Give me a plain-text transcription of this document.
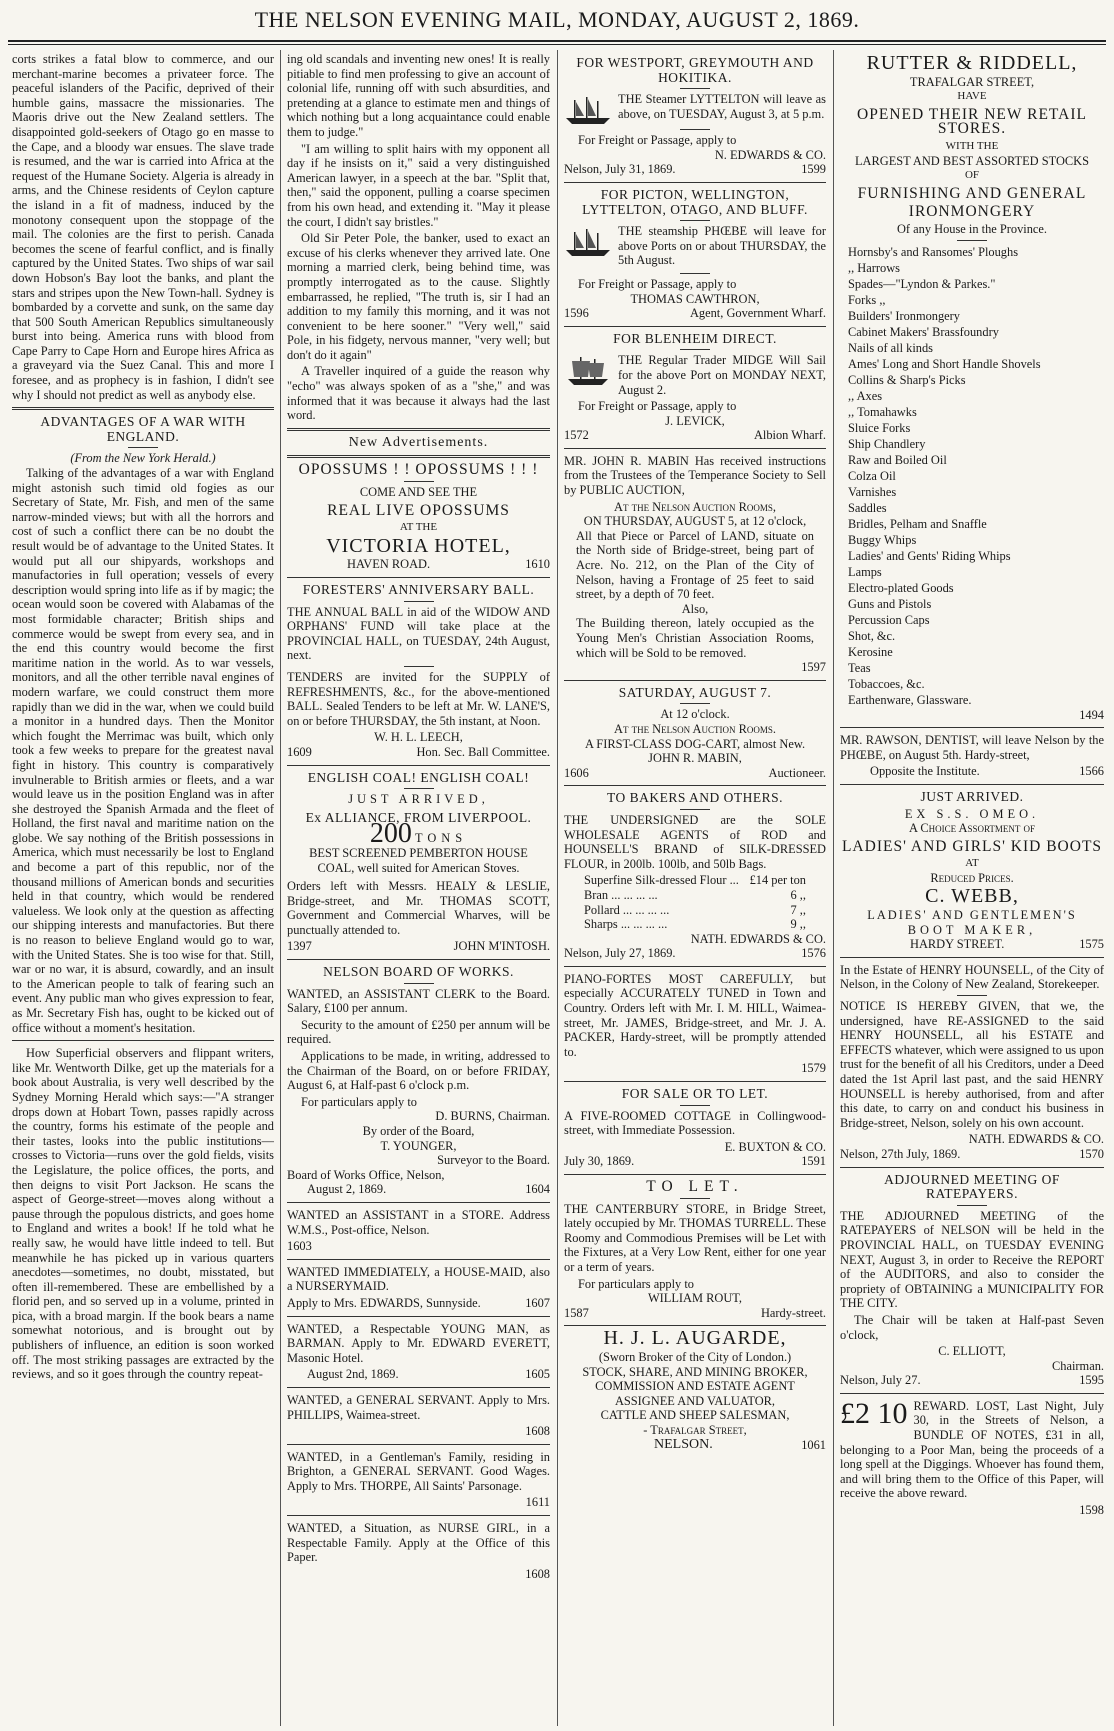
THE NELSON EVENING MAIL, MONDAY, AUGUST 2, 1869.

corts strikes a fatal blow to commerce, and our merchant-marine becomes a privateer force. The peaceful islanders of the Pacific, deprived of their humble gains, massacre the missionaries. The Maoris drive out the New Zealand settlers. The disappointed gold-seekers of Otago go en masse to the Cape, and a bloody war ensues. The slave trade is resumed, and the war is carried into Africa at the request of the Humane Society. Algeria is already in arms, and the Chinese residents of Ceylon capture the island in a fit of madness, induced by the monotony consequent upon the stoppage of the mail. The colonies are the first to perish. Canada becomes the scene of fearful conflict, and is finally captured by the United States. Two ships of war sail down Hobson's Bay loot the banks, and plant the stars and stripes upon the New Town-hall. Sydney is bombarded by a corvette and sunk, on the same day that 500 South American Republics simultaneously burst into being. America runs with blood from Cape Parry to Cape Horn and Europe hires Africa as a graveyard via the Suez Canal. This and more I foresee, and as prophecy is in fashion, I didn't see why I should not predict as well as anybody else.

ADVANTAGES OF A WAR WITH ENGLAND.
(From the New York Herald.)

Talking of the advantages of a war with England might astonish such timid old fogies as our Secretary of State, Mr. Fish, and men of the same narrow-minded views; but with all the horrors and cost of such a conflict there can be no doubt the result would be of advantage to the United States. It would put all our shipyards, workshops and manufactories in full operation; vessels of every description would spring into life as if by magic; the ocean would soon be covered with Alabamas of the most formidable character; British ships and commerce would be swept from every sea, and in the end this country would become the first maritime nation in the world. As to war vessels, monitors, and all the other terrible naval engines of modern warfare, we could construct them more rapidly than we did in the war, when we could build a monitor in a hundred days. Then the Monitor which fought the Merrimac was built, which only took a few weeks to prepare for the greatest naval fight in history. This country is comparatively invulnerable to British armies or fleets, and a war would leave us in the position England was in after she destroyed the Spanish Armada and the fleet of Holland, the first naval and maritime nation on the globe. We say nothing of the British possessions in America, which must necessarily be lost to England and become a part of this republic, nor of the thousand millions of American bonds and securities held in that country, which would be rendered valueless. We look only at the question as affecting our shipping interests and manufactories. But there is no reason to believe England would go to war, with the United States. She is too wise for that. Still, war or no war, it is absurd, cowardly, and an insult to the American people to talk of fearing such an event. Any public man who gives expression to fear, as Mr. Secretary Fish has, ought to be kicked out of office without a moment's hesitation.

How Superficial observers and flippant writers, like Mr. Wentworth Dilke, get up the materials for a book about Australia, is very well described by the Sydney Morning Herald which says:—"A stranger drops down at Hobart Town, passes rapidly across the country, forms his estimate of the people and their tastes, looks into the public institutions—crosses to Victoria—runs over the gold fields, visits the Legislature, the police offices, the ports, and then deigns to visit Port Jackson. He scans the aspect of George-street—moves along without a pause through the populous districts, and goes home to England and writes a book! If he told what he really saw, he would have little indeed to tell. But meanwhile he has picked up in various quarters anecdotes—sometimes, no doubt, misstated, but often ill-remembered. These are embellished by a florid pen, and so served up in a volume, printed in pica, with a broad margin. If the book bears a name somewhat notorious, and is brought out by publishers of influence, an edition is soon worked off. The most striking passages are extracted by the reviews, and so it goes through the country repeat-

ing old scandals and inventing new ones! It is really pitiable to find men professing to give an account of colonial life, running off with such absurdities, and pretending at a glance to estimate men and things of which nothing but a long acquaintance could enable them to judge."

"I am willing to split hairs with my opponent all day if he insists on it," said a very distinguished American lawyer, in a speech at the bar. "Split that, then," said the opponent, pulling a coarse specimen from his own head, and extending it. "May it please the court, I didn't say bristles."

Old Sir Peter Pole, the banker, used to exact an excuse of his clerks whenever they arrived late. One morning a married clerk, being behind time, was promptly interrogated as to the cause. Slightly embarrassed, he replied, "The truth is, sir I had an addition to my family this morning, and it was not convenient to be here sooner." "Very well," said Pole, in his fidgety, nervous manner, "very well; but don't do it again"

A Traveller inquired of a guide the reason why "echo" was always spoken of as a "she," and was informed that it was because it always had the last word.

New Advertisements.
OPOSSUMS ! ! OPOSSUMS ! ! !
COME AND SEE THE
REAL LIVE OPOSSUMS
AT THE
VICTORIA HOTEL,
HAVEN ROAD.	1610
FORESTERS' ANNIVERSARY BALL.

THE ANNUAL BALL in aid of the WIDOW AND ORPHANS' FUND will take place at the PROVINCIAL HALL, on TUESDAY, 24th August, next.

TENDERS are invited for the SUPPLY of REFRESHMENTS, &c., for the above-mentioned BALL. Sealed Tenders to be left at Mr. W. LANE'S, on or before THURSDAY, the 5th instant, at Noon.

W. H. L. LEECH,
1609	Hon. Sec. Ball Committee.
ENGLISH COAL! ENGLISH COAL!
JUST ARRIVED,
Ex ALLIANCE, FROM LIVERPOOL.
200 TONS
BEST SCREENED PEMBERTON HOUSE
COAL, well suited for American Stoves.

Orders left with Messrs. HEALY & LESLIE, Bridge-street, and Mr. THOMAS SCOTT, Government and Commercial Wharves, will be punctually attended to.

1397	JOHN M'INTOSH.
NELSON BOARD OF WORKS.

WANTED, an ASSISTANT CLERK to the Board. Salary, £100 per annum.

Security to the amount of £250 per annum will be required.

Applications to be made, in writing, addressed to the Chairman of the Board, on or before FRIDAY, August 6, at Half-past 6 o'clock p.m.

For particulars apply to
D. BURNS, Chairman.
By order of the Board,
T. YOUNGER,
Surveyor to the Board.
Board of Works Office, Nelson,
August 2, 1869.	1604

WANTED an ASSISTANT in a STORE. Address W.M.S., Post-office, Nelson.

1603

WANTED IMMEDIATELY, a HOUSE-MAID, also a NURSERYMAID.

Apply to Mrs. EDWARDS, Sunnyside.	1607

WANTED, a Respectable YOUNG MAN, as BARMAN. Apply to Mr. EDWARD EVERETT, Masonic Hotel.

August 2nd, 1869.	1605

WANTED, a GENERAL SERVANT. Apply to Mrs. PHILLIPS, Waimea-street.

1608

WANTED, in a Gentleman's Family, residing in Brighton, a GENERAL SERVANT. Good Wages. Apply to Mrs. THORPE, All Saints' Parsonage.

1611

WANTED, a Situation, as NURSE GIRL, in a Respectable Family. Apply at the Office of this Paper.

1608
FOR WESTPORT, GREYMOUTH AND HOKITIKA.

THE Steamer LYTTELTON will leave as above, on TUESDAY, August 3, at 5 p.m.

For Freight or Passage, apply to
N. EDWARDS & CO.
Nelson, July 31, 1869.	1599
FOR PICTON, WELLINGTON, LYTTELTON, OTAGO, AND BLUFF.

THE steamship PHŒBE will leave for above Ports on or about THURSDAY, the 5th August.

For Freight or Passage, apply to
THOMAS CAWTHRON,
1596	Agent, Government Wharf.
FOR BLENHEIM DIRECT.

THE Regular Trader MIDGE Will Sail for the above Port on MONDAY NEXT, August 2.

For Freight or Passage, apply to
J. LEVICK,
1572	Albion Wharf.

MR. JOHN R. MABIN Has received instructions from the Trustees of the Temperance Society to Sell by PUBLIC AUCTION,

At the Nelson Auction Rooms,
ON THURSDAY, AUGUST 5, at 12 o'clock,

All that Piece or Parcel of LAND, situate on the North side of Bridge-street, being part of Acre. No. 212, on the Plan of the City of Nelson, having a Frontage of 25 feet to said street, by a depth of 70 feet.

Also,

The Building thereon, lately occupied as the Young Men's Christian Association Rooms, which will be Sold to be removed.

1597
SATURDAY, AUGUST 7.
At 12 o'clock.
At the Nelson Auction Rooms.
A FIRST-CLASS DOG-CART, almost New.
JOHN R. MABIN,
1606	Auctioneer.
TO BAKERS AND OTHERS.

THE UNDERSIGNED are the SOLE WHOLESALE AGENTS of ROD and HOUNSELL'S BRAND of SILK-DRESSED FLOUR, in 200lb. 100lb, and 50lb Bags.

Superfine Silk-dressed Flour ... £14 per ton
Bran ... ... ... ...	6 ,,
Pollard ... ... ... ...	7 ,,
Sharps ... ... ... ...	9 ,,
NATH. EDWARDS & CO.
Nelson, July 27, 1869.	1576

PIANO-FORTES MOST CAREFULLY, but especially ACCURATELY TUNED in Town and Country. Orders left with Mr. I. M. HILL, Waimea-street, Mr. JAMES, Bridge-street, and Mr. J. A. PACKER, Hardy-street, will be promptly attended to.

1579
FOR SALE OR TO LET.

A FIVE-ROOMED COTTAGE in Collingwood-street, with Immediate Possession.

E. BUXTON & CO.
July 30, 1869.	1591
TO LET.

THE CANTERBURY STORE, in Bridge Street, lately occupied by Mr. THOMAS TURRELL. These Roomy and Commodious Premises will be Let with the Fixtures, at a Very Low Rent, either for one year or a term of years.

For particulars apply to
WILLIAM ROUT,
1587	Hardy-street.
H. J. L. AUGARDE,
(Sworn Broker of the City of London.)
STOCK, SHARE, AND MINING BROKER,
COMMISSION AND ESTATE AGENT
ASSIGNEE AND VALUATOR,
CATTLE AND SHEEP SALESMAN,
- Trafalgar Street,
NELSON.	1061
RUTTER & RIDDELL,
TRAFALGAR STREET,
HAVE
OPENED THEIR NEW RETAIL STORES.
WITH THE
LARGEST AND BEST ASSORTED STOCKS
OF
FURNISHING AND GENERAL
IRONMONGERY
Of any House in the Province.
Hornsby's and Ransomes' Ploughs
,, Harrows
Spades—"Lyndon & Parkes."
Forks ,,
Builders' Ironmongery
Cabinet Makers' Brassfoundry
Nails of all kinds
Ames' Long and Short Handle Shovels
Collins & Sharp's Picks
,, Axes
,, Tomahawks
Sluice Forks
Ship Chandlery
Raw and Boiled Oil
Colza Oil
Varnishes
Saddles
Bridles, Pelham and Snaffle
Buggy Whips
Ladies' and Gents' Riding Whips
Lamps
Electro-plated Goods
Guns and Pistols
Percussion Caps
Shot, &c.
Kerosine
Teas
Tobaccoes, &c.
Earthenware, Glassware.
1494

MR. RAWSON, DENTIST, will leave Nelson by the PHŒBE, on August 5th. Hardy-street,

Opposite the Institute.	1566
JUST ARRIVED.
EX S.S. OMEO.
A Choice Assortment of
LADIES' AND GIRLS' KID BOOTS
AT
Reduced Prices.
C. WEBB,
LADIES' AND GENTLEMEN'S
BOOT MAKER,
HARDY STREET.	1575

In the Estate of HENRY HOUNSELL, of the City of Nelson, in the Colony of New Zealand, Storekeeper.

NOTICE IS HEREBY GIVEN, that we, the undersigned, have RE-ASSIGNED to the said HENRY HOUNSELL, all his ESTATE and EFFECTS whatever, which were assigned to us upon trust for the benefit of all his Creditors, under a Deed dated the 1st April last past, and the said HENRY HOUNSELL is hereby authorised, from and after this date, to carry on and conduct his business in Bridge-street, Nelson, solely on his own account.

NATH. EDWARDS & CO.
Nelson, 27th July, 1869.	1570
ADJOURNED MEETING OF RATEPAYERS.

THE ADJOURNED MEETING of the RATEPAYERS of NELSON will be held in the PROVINCIAL HALL, on TUESDAY EVENING NEXT, August 3, in order to Receive the REPORT of the AUDITORS, and also to consider the propriety of OBTAINING a MUNICIPALITY FOR THE CITY.

The Chair will be taken at Half-past Seven o'clock,

C. ELLIOTT,
Chairman.
Nelson, July 27.	1595

£2 10 REWARD. LOST, Last Night, July 30, in the Streets of Nelson, a BUNDLE OF NOTES, £31 in all, belonging to a Poor Man, being the proceeds of a long spell at the Diggings. Whoever has found them, and will bring them to the Office of this Paper, will receive the above reward.

1598
